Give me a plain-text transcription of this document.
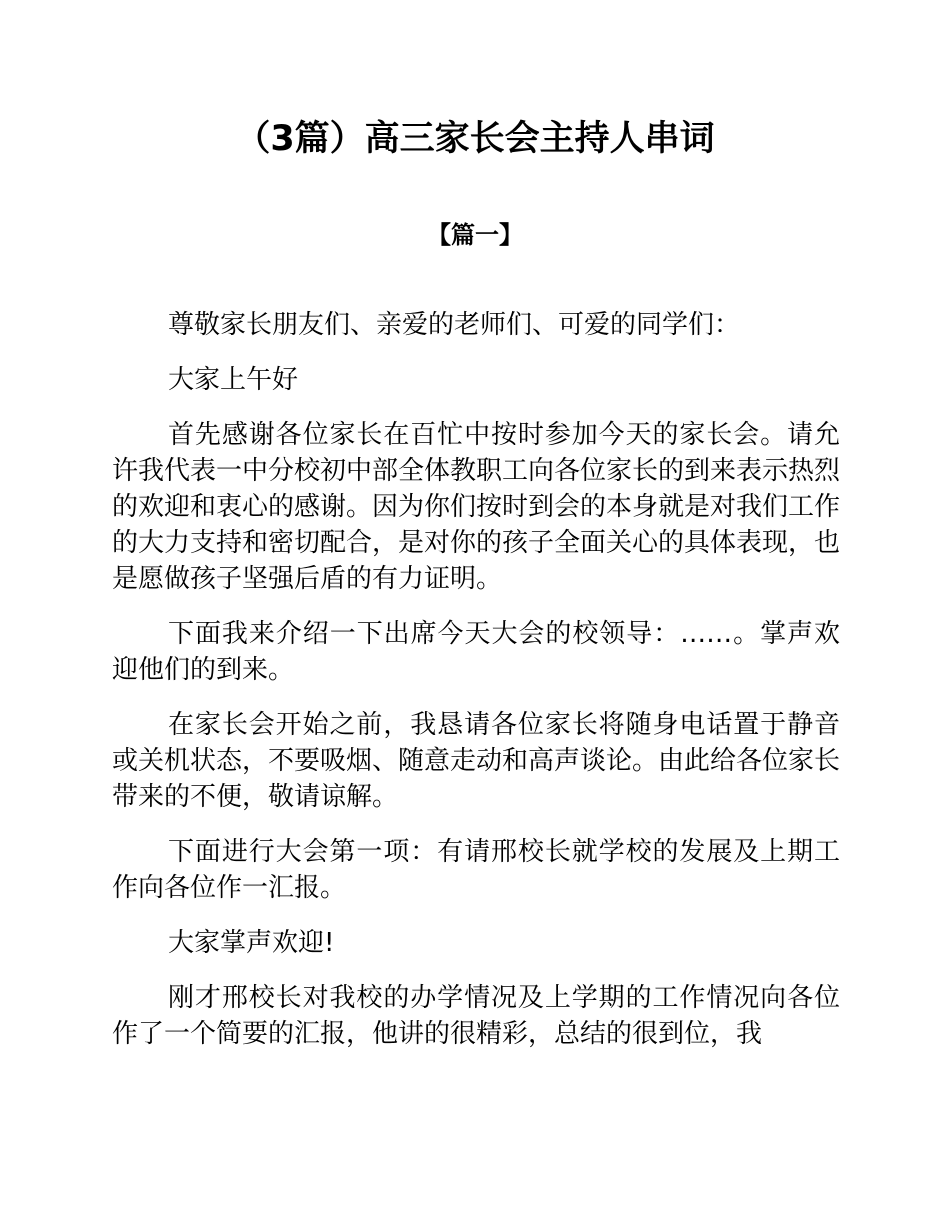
（3篇）高三家长会主持人串词
【篇一】

尊敬家长朋友们、亲爱的老师们、可爱的同学们：

大家上午好

首先感谢各位家长在百忙中按时参加今天的家长会。请允许我代表一中分校初中部全体教职工向各位家长的到来表示热烈的欢迎和衷心的感谢。因为你们按时到会的本身就是对我们工作的大力支持和密切配合，是对你的孩子全面关心的具体表现，也是愿做孩子坚强后盾的有力证明。

下面我来介绍一下出席今天大会的校领导：……。掌声欢迎他们的到来。

在家长会开始之前，我恳请各位家长将随身电话置于静音或关机状态，不要吸烟、随意走动和高声谈论。由此给各位家长带来的不便，敬请谅解。

下面进行大会第一项：有请邢校长就学校的发展及上期工作向各位作一汇报。

大家掌声欢迎!

刚才邢校长对我校的办学情况及上学期的工作情况向各位作了一个简要的汇报，他讲的很精彩，总结的很到位，我
